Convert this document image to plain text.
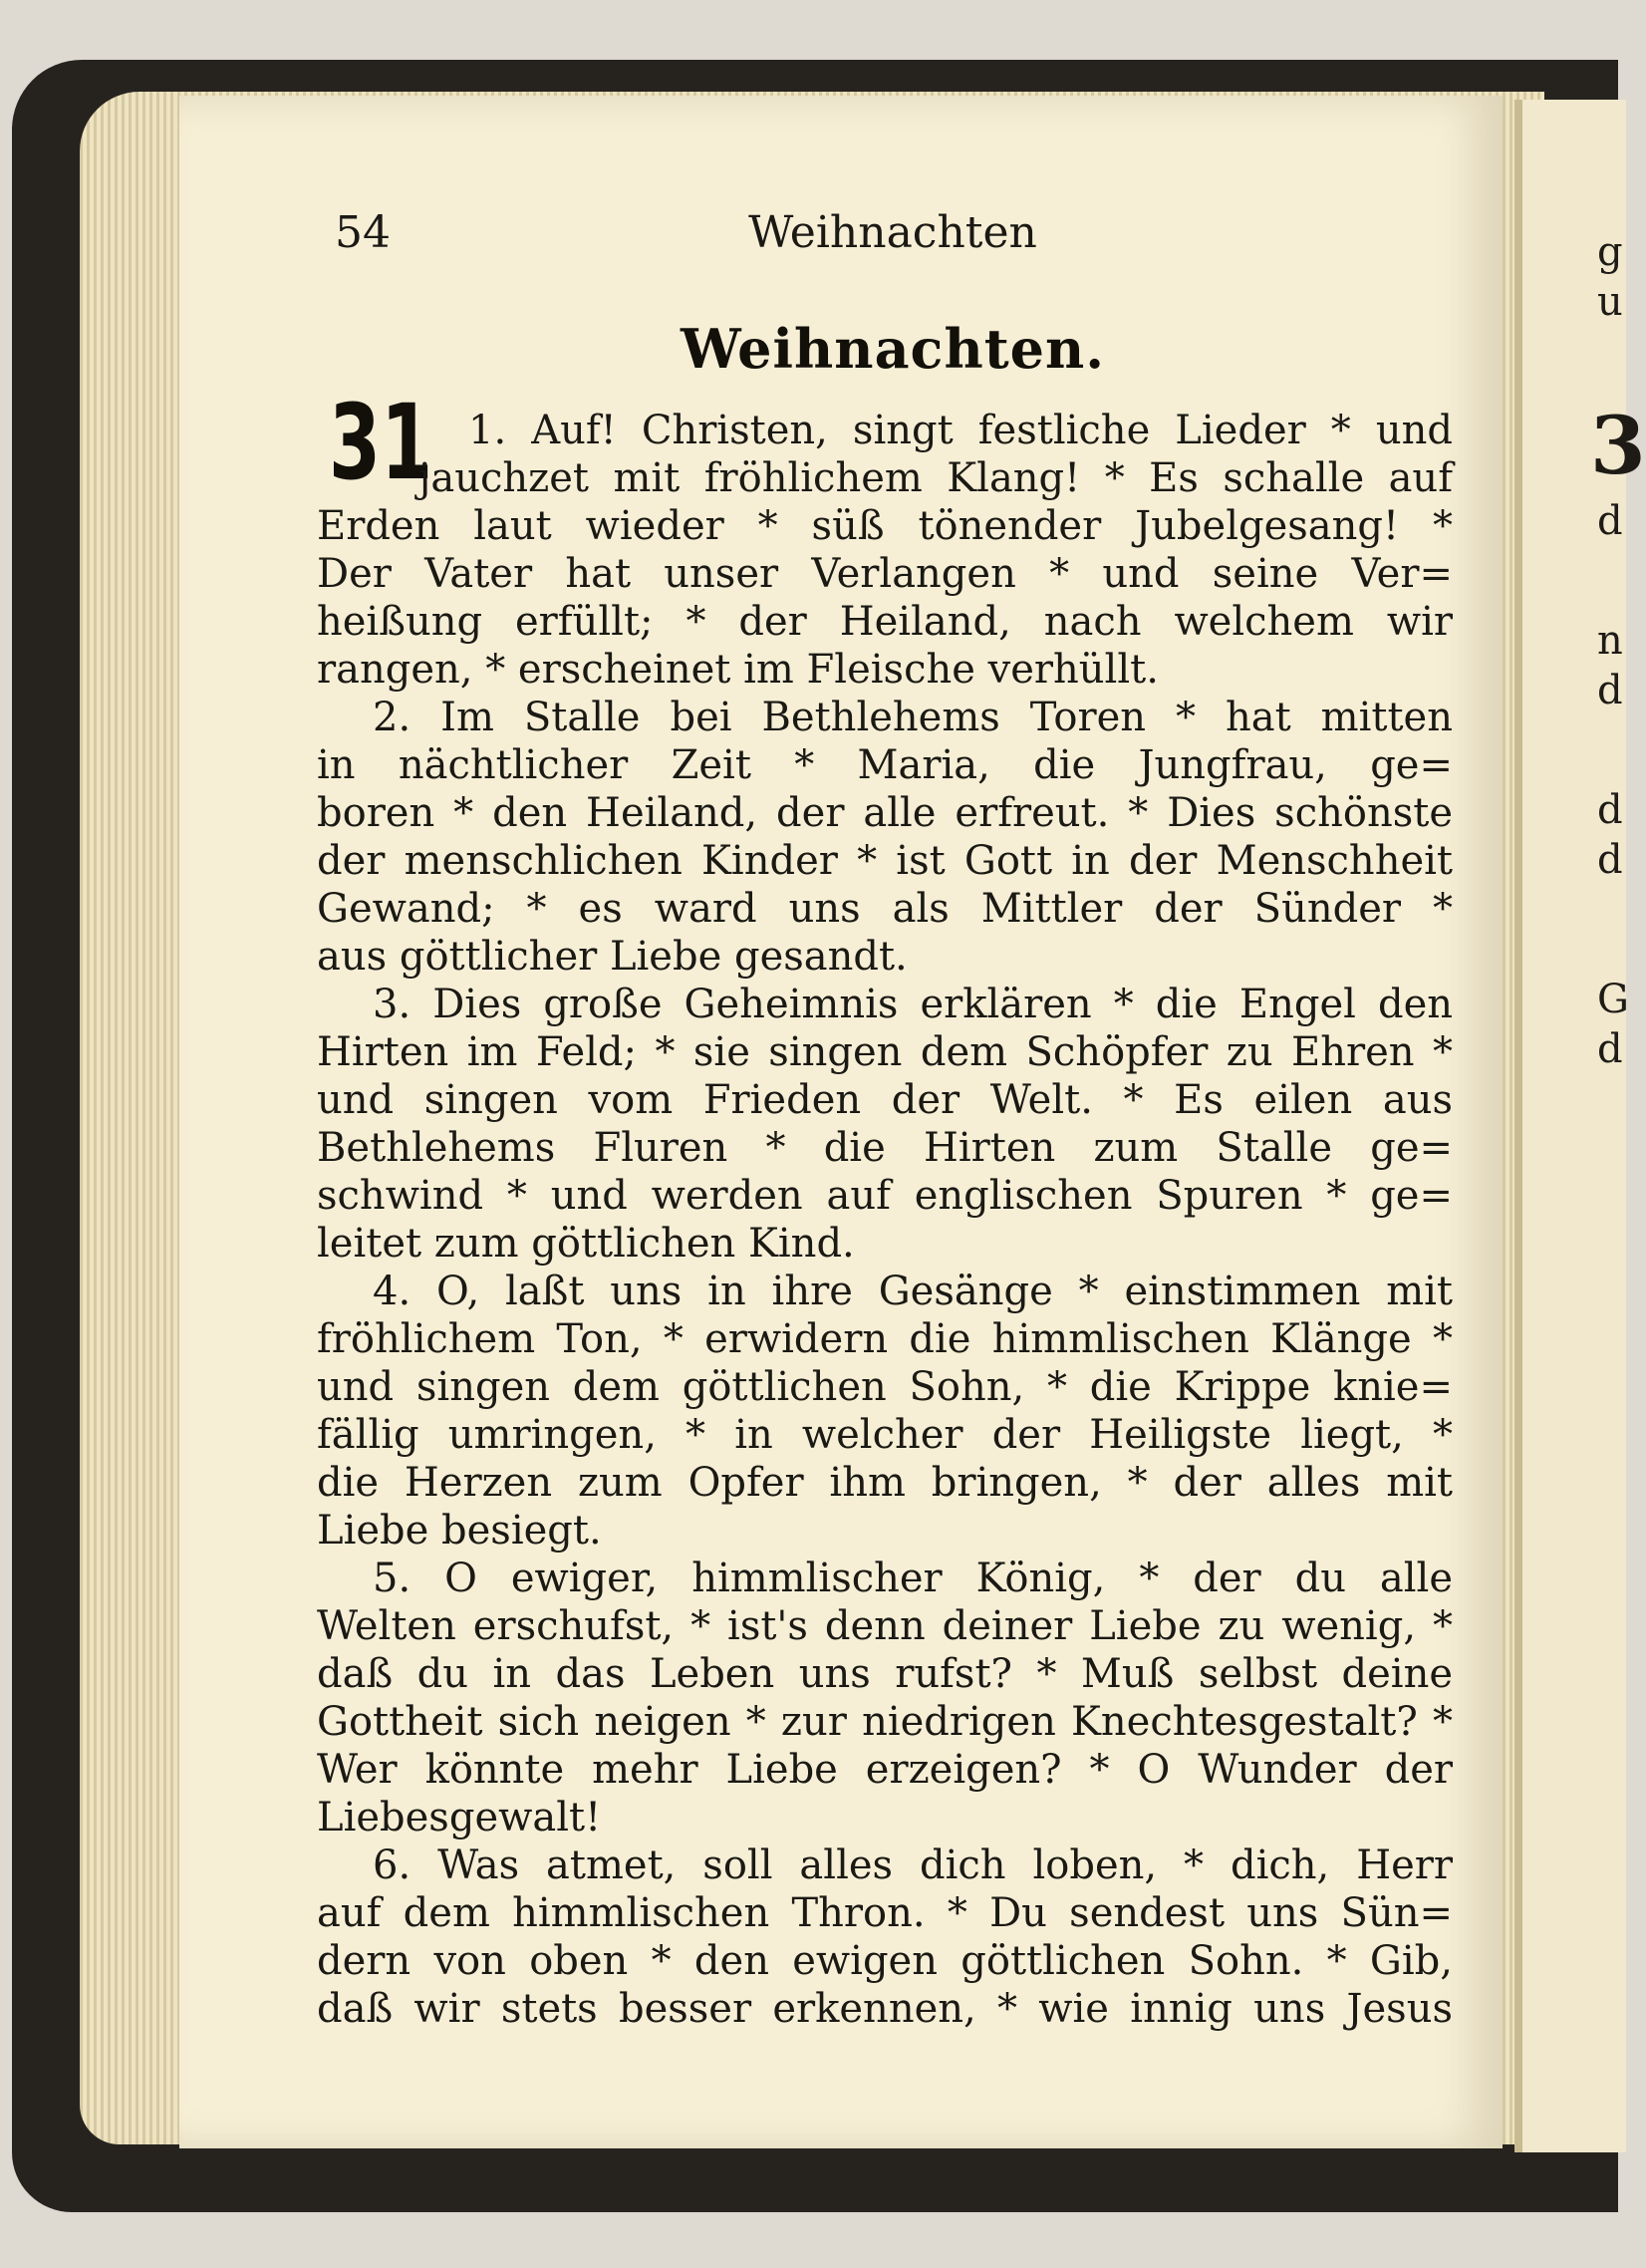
g
u
3
d
n
d
d
d
G
d
54	Weihnachten
Weihnachten.
31 1. Auf! Christen, singt festliche Lieder * und
jauchzet mit fröhlichem Klang! * Es schalle auf
Erden laut wieder * süß tönender Jubelgesang! *
Der Vater hat unser Verlangen * und seine Ver=
heißung erfüllt; * der Heiland, nach welchem wir
rangen, * erscheinet im Fleische verhüllt.
2. Im Stalle bei Bethlehems Toren * hat mitten
in nächtlicher Zeit * Maria, die Jungfrau, ge=
boren * den Heiland, der alle erfreut. * Dies schönste
der menschlichen Kinder * ist Gott in der Menschheit
Gewand; * es ward uns als Mittler der Sünder *
aus göttlicher Liebe gesandt.
3. Dies große Geheimnis erklären * die Engel den
Hirten im Feld; * sie singen dem Schöpfer zu Ehren *
und singen vom Frieden der Welt. * Es eilen aus
Bethlehems Fluren * die Hirten zum Stalle ge=
schwind * und werden auf englischen Spuren * ge=
leitet zum göttlichen Kind.
4. O, laßt uns in ihre Gesänge * einstimmen mit
fröhlichem Ton, * erwidern die himmlischen Klänge *
und singen dem göttlichen Sohn, * die Krippe knie=
fällig umringen, * in welcher der Heiligste liegt, *
die Herzen zum Opfer ihm bringen, * der alles mit
Liebe besiegt.
5. O ewiger, himmlischer König, * der du alle
Welten erschufst, * ist's denn deiner Liebe zu wenig, *
daß du in das Leben uns rufst? * Muß selbst deine
Gottheit sich neigen * zur niedrigen Knechtesgestalt? *
Wer könnte mehr Liebe erzeigen? * O Wunder der
Liebesgewalt!
6. Was atmet, soll alles dich loben, * dich, Herr
auf dem himmlischen Thron. * Du sendest uns Sün=
dern von oben * den ewigen göttlichen Sohn. * Gib,
daß wir stets besser erkennen, * wie innig uns Jesus
